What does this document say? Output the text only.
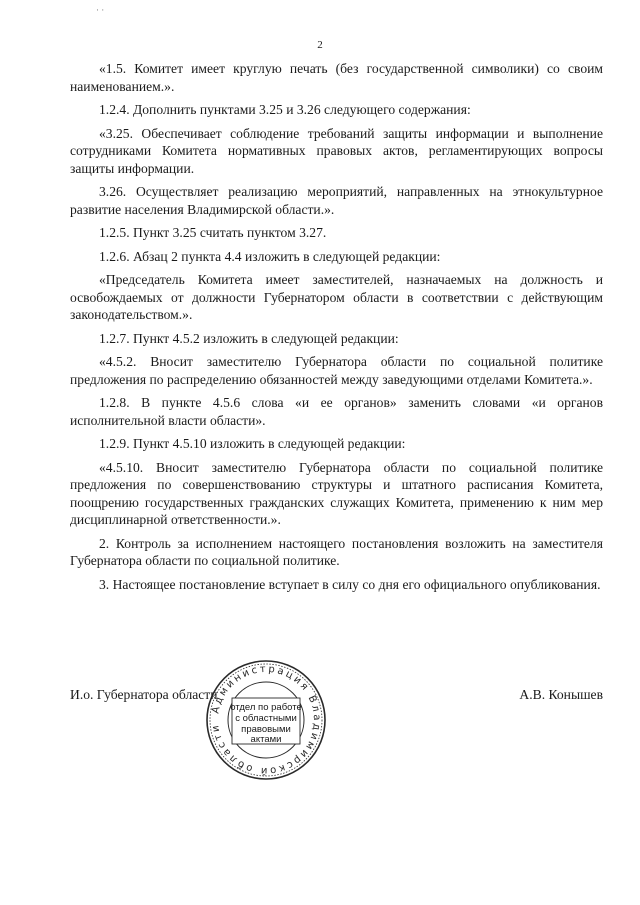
· ·
2

«1.5. Комитет имеет круглую печать (без государственной символики) со своим наименованием.».

1.2.4. Дополнить пунктами 3.25 и 3.26 следующего содержания:

«3.25. Обеспечивает соблюдение требований защиты информации и выполнение сотрудниками Комитета нормативных правовых актов, регламентирующих вопросы защиты информации.

3.26. Осуществляет реализацию мероприятий, направленных на этнокультурное развитие населения Владимирской области.».

1.2.5. Пункт 3.25 считать пунктом 3.27.

1.2.6. Абзац 2 пункта 4.4 изложить в следующей редакции:

«Председатель Комитета имеет заместителей, назначаемых на должность и освобождаемых от должности Губернатором области в соответствии с действующим законодательством.».

1.2.7. Пункт 4.5.2 изложить в следующей редакции:

«4.5.2. Вносит заместителю Губернатора области по социальной политике предложения по распределению обязанностей между заведующими отделами Комитета.».

1.2.8. В пункте 4.5.6 слова «и ее органов» заменить словами «и органов исполнительной власти области».

1.2.9. Пункт 4.5.10 изложить в следующей редакции:

«4.5.10. Вносит заместителю Губернатора области по социальной политике предложения по совершенствованию структуры и штатного расписания Комитета, поощрению государственных гражданских служащих Комитета, применению к ним мер дисциплинарной ответственности.».

2. Контроль за исполнением настоящего постановления возложить на заместителя Губернатора области по социальной политике.

3. Настоящее постановление вступает в силу со дня его официального опубликования.

Администрация Владимирской области
отдел по работе
с областными
правовыми
актами
И.о. Губернатора области	А.В. Конышев
